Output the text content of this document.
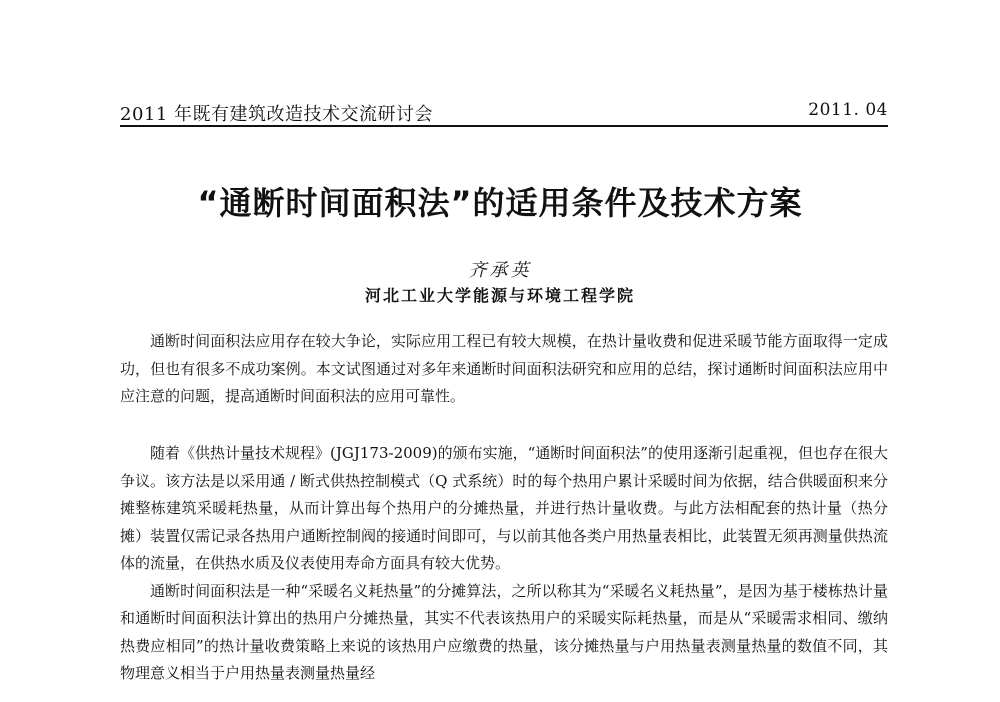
2011 年既有建筑改造技术交流研讨会	2011. 04
“通断时间面积法”的适用条件及技术方案
齐承英
河北工业大学能源与环境工程学院

通断时间面积法应用存在较大争论，实际应用工程已有较大规模，在热计量收费和促进采暖节能方面取得一定成功，但也有很多不成功案例。本文试图通过对多年来通断时间面积法研究和应用的总结，探讨通断时间面积法应用中应注意的问题，提高通断时间面积法的应用可靠性。

随着《供热计量技术规程》(JGJ173-2009)的颁布实施，“通断时间面积法”的使用逐渐引起重视，但也存在很大争议。该方法是以采用通 / 断式供热控制模式（Q 式系统）时的每个热用户累计采暖时间为依据，结合供暖面积来分摊整栋建筑采暖耗热量，从而计算出每个热用户的分摊热量，并进行热计量收费。与此方法相配套的热计量（热分摊）装置仅需记录各热用户通断控制阀的接通时间即可，与以前其他各类户用热量表相比，此装置无须再测量供热流体的流量，在供热水质及仪表使用寿命方面具有较大优势。

通断时间面积法是一种“采暖名义耗热量”的分摊算法，之所以称其为“采暖名义耗热量”，是因为基于楼栋热计量和通断时间面积法计算出的热用户分摊热量，其实不代表该热用户的采暖实际耗热量，而是从“采暖需求相同、缴纳热费应相同”的热计量收费策略上来说的该热用户应缴费的热量，该分摊热量与户用热量表测量热量的数值不同，其物理意义相当于户用热量表测量热量经
